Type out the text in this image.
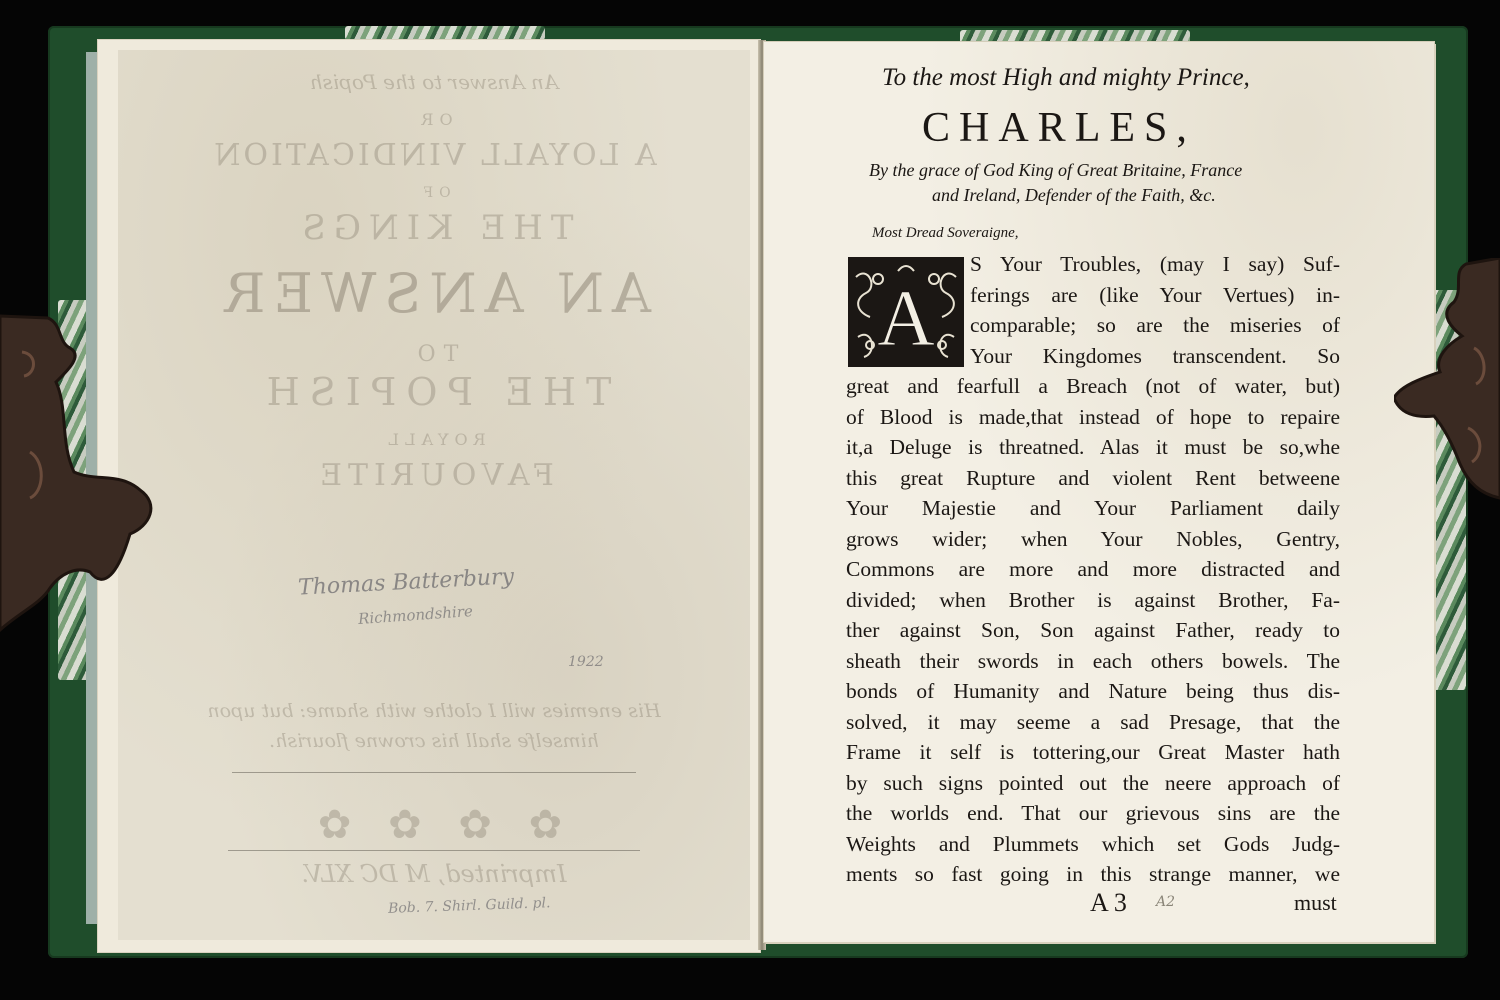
An Answer to the Popish
OR
A LOYALL VINDICATION
OF
THE KINGS
AN ANSWER
TO
THE POPISH
ROYALL
FAVOURITE
His enemies will I clothe with shame: but upon
himselfe shall his crowne flourish.
✿ ✿ ✿ ✿
Imprinted, M DC XLV.
Thomas Batterbury
Richmondshire
1922
Bob. 7. Shirl. Guild. pl.
To the most High and mighty Prince,
CHARLES,
By the grace of God King of Great Britaine, France
and Ireland, Defender of the Faith, &c.
Most Dread Soveraigne,
A
S Your Troubles, (may I say) Suf-
ferings are (like Your Vertues) in-
comparable; so are the miseries of
Your Kingdomes transcendent. So
great and fearfull a Breach (not of water, but)
of Blood is made,that instead of hope to repaire
it,a Deluge is threatned. Alas it must be so,whe
this great Rupture and violent Rent betweene
Your Majestie and Your Parliament daily
grows wider; when Your Nobles, Gentry,
Commons are more and more distracted and
divided; when Brother is against Brother, Fa-
ther against Son, Son against Father, ready to
sheath their swords in each others bowels. The
bonds of Humanity and Nature being thus dis-
solved, it may seeme a sad Presage, that the
Frame it self is tottering,our Great Master hath
by such signs pointed out the neere approach of
the worlds end. That our grievous sins are the
Weights and Plummets which set Gods Judg-
ments so fast going in this strange manner, we
A 3 A2	must
